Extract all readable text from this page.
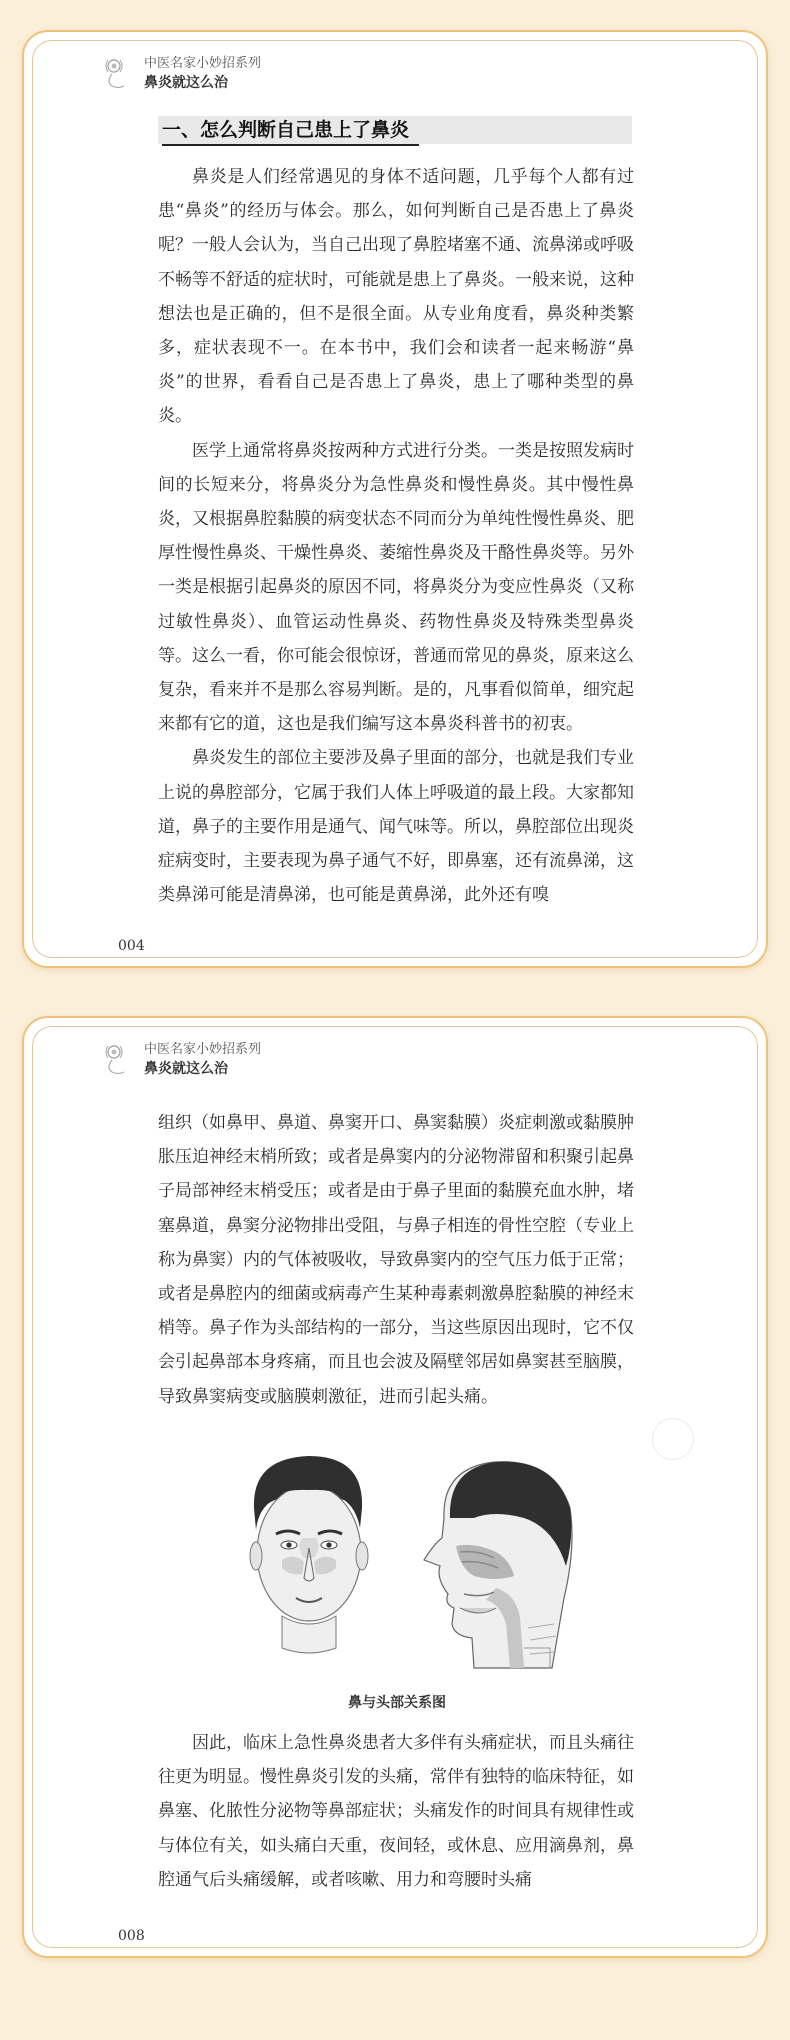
中医名家小妙招系列
鼻炎就这么治
一、怎么判断自己患上了鼻炎

鼻炎是人们经常遇见的身体不适问题，几乎每个人都有过患“鼻炎”的经历与体会。那么，如何判断自己是否患上了鼻炎呢？一般人会认为，当自己出现了鼻腔堵塞不通、流鼻涕或呼吸不畅等不舒适的症状时，可能就是患上了鼻炎。一般来说，这种想法也是正确的，但不是很全面。从专业角度看，鼻炎种类繁多，症状表现不一。在本书中，我们会和读者一起来畅游“鼻炎”的世界，看看自己是否患上了鼻炎，患上了哪种类型的鼻炎。

医学上通常将鼻炎按两种方式进行分类。一类是按照发病时间的长短来分，将鼻炎分为急性鼻炎和慢性鼻炎。其中慢性鼻炎，又根据鼻腔黏膜的病变状态不同而分为单纯性慢性鼻炎、肥厚性慢性鼻炎、干燥性鼻炎、萎缩性鼻炎及干酪性鼻炎等。另外一类是根据引起鼻炎的原因不同，将鼻炎分为变应性鼻炎（又称过敏性鼻炎）、血管运动性鼻炎、药物性鼻炎及特殊类型鼻炎等。这么一看，你可能会很惊讶，普通而常见的鼻炎，原来这么复杂，看来并不是那么容易判断。是的，凡事看似简单，细究起来都有它的道，这也是我们编写这本鼻炎科普书的初衷。

鼻炎发生的部位主要涉及鼻子里面的部分，也就是我们专业上说的鼻腔部分，它属于我们人体上呼吸道的最上段。大家都知道，鼻子的主要作用是通气、闻气味等。所以，鼻腔部位出现炎症病变时，主要表现为鼻子通气不好，即鼻塞，还有流鼻涕，这类鼻涕可能是清鼻涕，也可能是黄鼻涕，此外还有嗅

004
中医名家小妙招系列
鼻炎就这么治

组织（如鼻甲、鼻道、鼻窦开口、鼻窦黏膜）炎症刺激或黏膜肿胀压迫神经末梢所致；或者是鼻窦内的分泌物滞留和积聚引起鼻子局部神经末梢受压；或者是由于鼻子里面的黏膜充血水肿，堵塞鼻道，鼻窦分泌物排出受阻，与鼻子相连的骨性空腔（专业上称为鼻窦）内的气体被吸收，导致鼻窦内的空气压力低于正常；或者是鼻腔内的细菌或病毒产生某种毒素刺激鼻腔黏膜的神经末梢等。鼻子作为头部结构的一部分，当这些原因出现时，它不仅会引起鼻部本身疼痛，而且也会波及隔壁邻居如鼻窦甚至脑膜，导致鼻窦病变或脑膜刺激征，进而引起头痛。

鼻与头部关系图

因此，临床上急性鼻炎患者大多伴有头痛症状，而且头痛往往更为明显。慢性鼻炎引发的头痛，常伴有独特的临床特征，如鼻塞、化脓性分泌物等鼻部症状；头痛发作的时间具有规律性或与体位有关，如头痛白天重，夜间轻，或休息、应用滴鼻剂，鼻腔通气后头痛缓解，或者咳嗽、用力和弯腰时头痛

008
